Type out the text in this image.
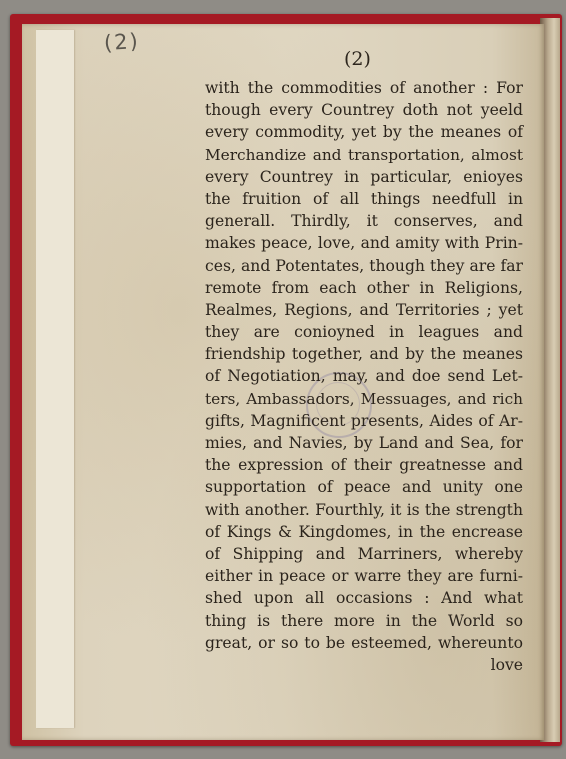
(2)
(2)
with the commodities of another : For
though every Countrey doth not yeeld
every commodity, yet by the meanes of
Merchandize and transportation, almost
every Countrey in particular, enioyes
the fruition of all things needfull in
generall. Thirdly, it conserves, and
makes peace, love, and amity with Prin-
ces, and Potentates, though they are far
remote from each other in Religions,
Realmes, Regions, and Territories ; yet
they are conioyned in leagues and
friendship together, and by the meanes
of Negotiation, may, and doe send Let-
ters, Ambassadors, Messuages, and rich
gifts, Magnificent presents, Aides of Ar-
mies, and Navies, by Land and Sea, for
the expression of their greatnesse and
supportation of peace and unity one
with another. Fourthly, it is the strength
of Kings & Kingdomes, in the encrease
of Shipping and Marriners, whereby
either in peace or warre they are furni-
shed upon all occasions : And what
thing is there more in the World so
great, or so to be esteemed, whereunto
love
